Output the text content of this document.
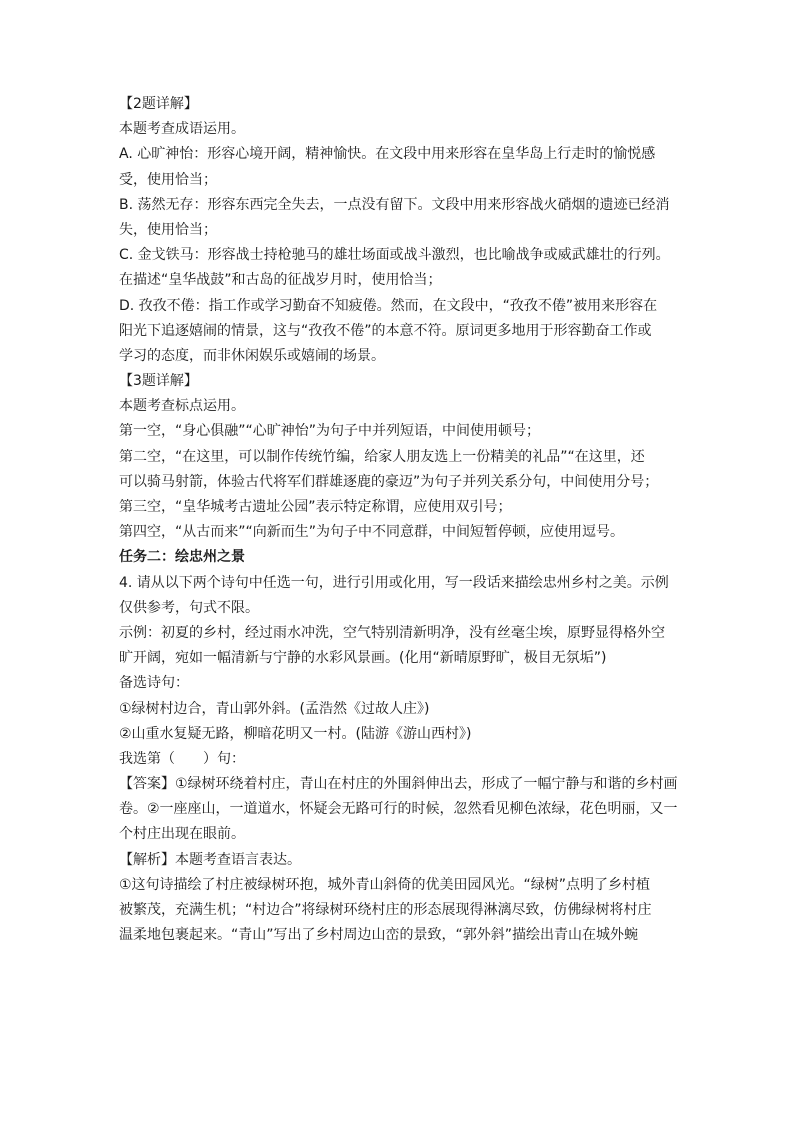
【2题详解】

本题考查成语运用。

A. 心旷神怡：形容心境开阔，精神愉快。在文段中用来形容在皇华岛上行走时的愉悦感

受，使用恰当；

B. 荡然无存：形容东西完全失去，一点没有留下。文段中用来形容战火硝烟的遗迹已经消

失，使用恰当；

C. 金戈铁马：形容战士持枪驰马的雄壮场面或战斗激烈，也比喻战争或威武雄壮的行列。

在描述“皇华战鼓”和古岛的征战岁月时，使用恰当；

D. 孜孜不倦：指工作或学习勤奋不知疲倦。然而，在文段中，“孜孜不倦”被用来形容在

阳光下追逐嬉闹的情景，这与“孜孜不倦”的本意不符。原词更多地用于形容勤奋工作或

学习的态度，而非休闲娱乐或嬉闹的场景。

【3题详解】

本题考查标点运用。

第一空，“身心俱融”“心旷神怡”为句子中并列短语，中间使用顿号；

第二空，“在这里，可以制作传统竹编，给家人朋友选上一份精美的礼品”“在这里，还

可以骑马射箭，体验古代将军们群雄逐鹿的豪迈”为句子并列关系分句，中间使用分号；

第三空，“皇华城考古遗址公园”表示特定称谓，应使用双引号；

第四空，“从古而来”“向新而生”为句子中不同意群，中间短暂停顿，应使用逗号。

任务二：绘忠州之景

4. 请从以下两个诗句中任选一句，进行引用或化用，写一段话来描绘忠州乡村之美。示例

仅供参考，句式不限。

示例：初夏的乡村，经过雨水冲洗，空气特别清新明净，没有丝毫尘埃，原野显得格外空

旷开阔，宛如一幅清新与宁静的水彩风景画。(化用“新晴原野旷，极目无氛垢”)

备选诗句：

①绿树村边合，青山郭外斜。(孟浩然《过故人庄》)

②山重水复疑无路，柳暗花明又一村。(陆游《游山西村》)

我选第（　　）句：

【答案】①绿树环绕着村庄，青山在村庄的外围斜伸出去，形成了一幅宁静与和谐的乡村画

卷。②一座座山，一道道水，怀疑会无路可行的时候，忽然看见柳色浓绿，花色明丽，又一

个村庄出现在眼前。

【解析】本题考查语言表达。

①这句诗描绘了村庄被绿树环抱，城外青山斜倚的优美田园风光。“绿树”点明了乡村植

被繁茂，充满生机；“村边合”将绿树环绕村庄的形态展现得淋漓尽致，仿佛绿树将村庄

温柔地包裹起来。“青山”写出了乡村周边山峦的景致，“郭外斜”描绘出青山在城外蜿
